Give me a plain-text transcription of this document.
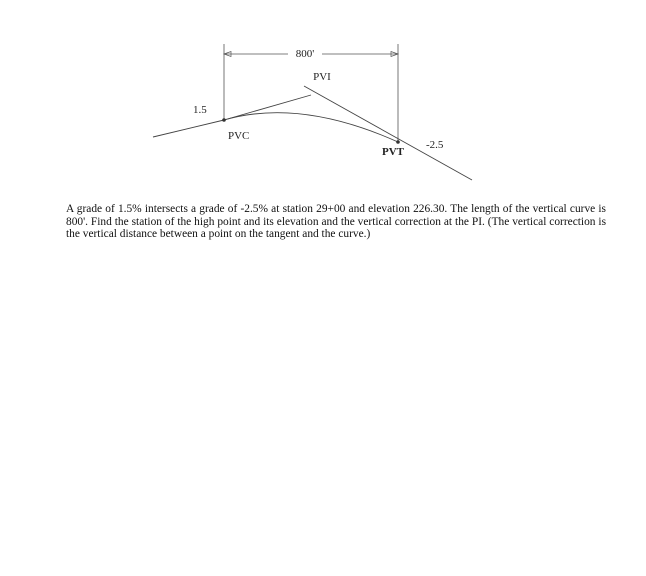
800'
PVI
1.5
PVC
PVT
-2.5

A grade of 1.5% intersects a grade of -2.5% at station 29+00 and elevation 226.30. The length of the vertical curve is 800'. Find the station of the high point and its elevation and the vertical correction at the PI. (The vertical correction is the vertical distance between a point on the tangent and the curve.)
